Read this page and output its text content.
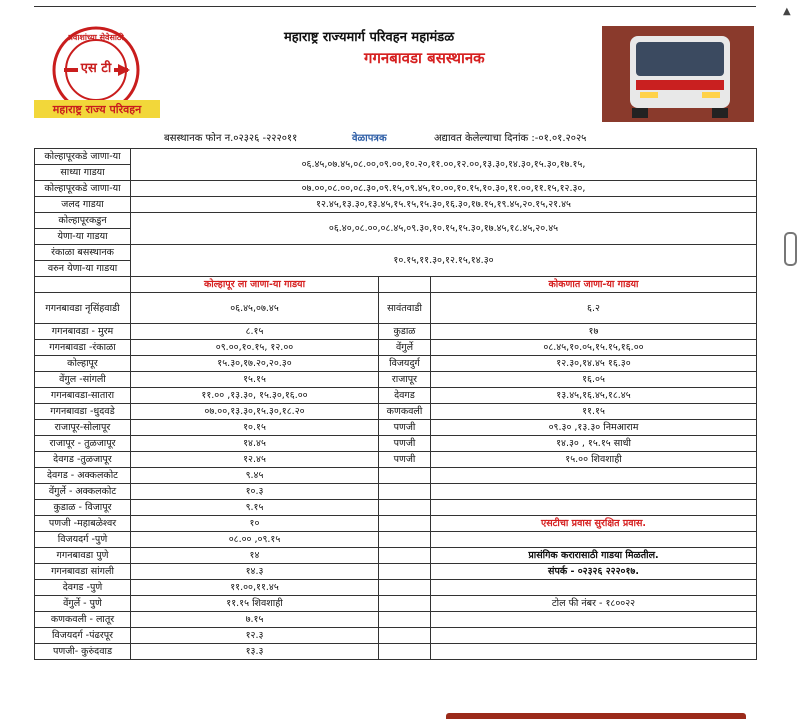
▲
एस टी
प्रवाशांच्या सेवेसाठी
महाराष्ट्र राज्य परिवहन
महाराष्ट्र राज्यमार्ग परिवहन महामंडळ
गगनबावडा बसस्थानक
बसस्थानक फोन न.०२३२६ -२२२०११	वेळापत्रक	अद्यावत केलेल्याचा दिनांक :-०१.०१.२०२५
कोल्हापूरकडे जाणा-या	०६.४५,०७.४५,०८.००,०९.००,१०.२०,११.००,१२.००,१३.३०,१४.३०,१५.३०,१७.१५,		
साध्या गाडया			
कोल्हापूरकडे जाणा-या	०७.००,०८.००,०८.३०,०९.१५,०९.४५,१०.००,१०.१५,१०.३०,११.००,११.१५,१२.३०,		
जलद गाडया	१२.४५,१३.३०,१३.४५,१५.१५,१५.३०,१६.३०,१७.१५,१९.४५,२०.१५,२१.४५		
कोल्हापूरकडुन	०६.४०,०८.००,०८.४५,०९.३०,१०.१५,१५.३०,१७.४५,१८.४५,२०.४५		
येणा-या गाडया			
रंकाळा बसस्थानक	१०.१५,११.३०,१२.१५,१४.३०		
वरुन येणा-या गाडया			
	कोल्हापूर ला जाणा-या गाडया		कोकणात जाणा-या गाडया
गगनबावडा नृसिंहवाडी	०६.४५,०७.४५	सावंतवाडी	६.२
गगनबावडा - मुरम	८.१५	कुडाळ	१७
गगनबावडा -रंकाळा	०९.००,१०.१५, १२.००	वेंगुर्ले	०८.४५,१०.०५,१५.१५,१६.००
कोल्हापूर	१५.३०,१७.२०,२०.३०	विजयदुर्ग	१२.३०,१४.४५ १६.३०
वेंगुल -सांगली	१५.१५	राजापूर	१६.०५
गगनबावडा-सातारा	११.०० ,१३.३०, १५.३०,१६.००	देवगड	१३.४५,१६.४५,१८.४५
गगनबावडा -धुदवडे	०७.००,१३.३०,१५.३०,१८.२०	कणकवली	११.१५
राजापूर-सोलापूर	१०.१५	पणजी	०९.३० ,१३.३० निमआराम
राजापूर - तुळजापूर	१४.४५	पणजी	१४.३० , १५.१५ साधी
देवगड -तुळजापूर	१२.४५	पणजी	१५.०० शिवशाही
देवगड - अक्कलकोट	९.४५		
वेंगुर्ले - अक्कलकोट	१०.३		
कुडाळ - विजापूर	९.१५		
पणजी -महाबळेश्वर	१०		एसटीचा प्रवास सुरक्षित प्रवास.
विजयदर्ग -पुणे	०८.०० ,०९.१५		
गगनबावडा पुणे	१४		प्रासंगिक करारासाठी गाडया मिळतील.
गगनबावडा सांगली	१४.३		संपर्क - ०२३२६ २२२०१७.
देवगड -पुणे	११.००,११.४५		
वेंगुर्ले - पुणे	११.१५ शिवशाही		टोल फी नंबर - १८००२२
कणकवली - लातूर	७.१५		
विजयदर्ग -पंढरपूर	१२.३		
पणजी- कुरुंदवाड	१३.३		
